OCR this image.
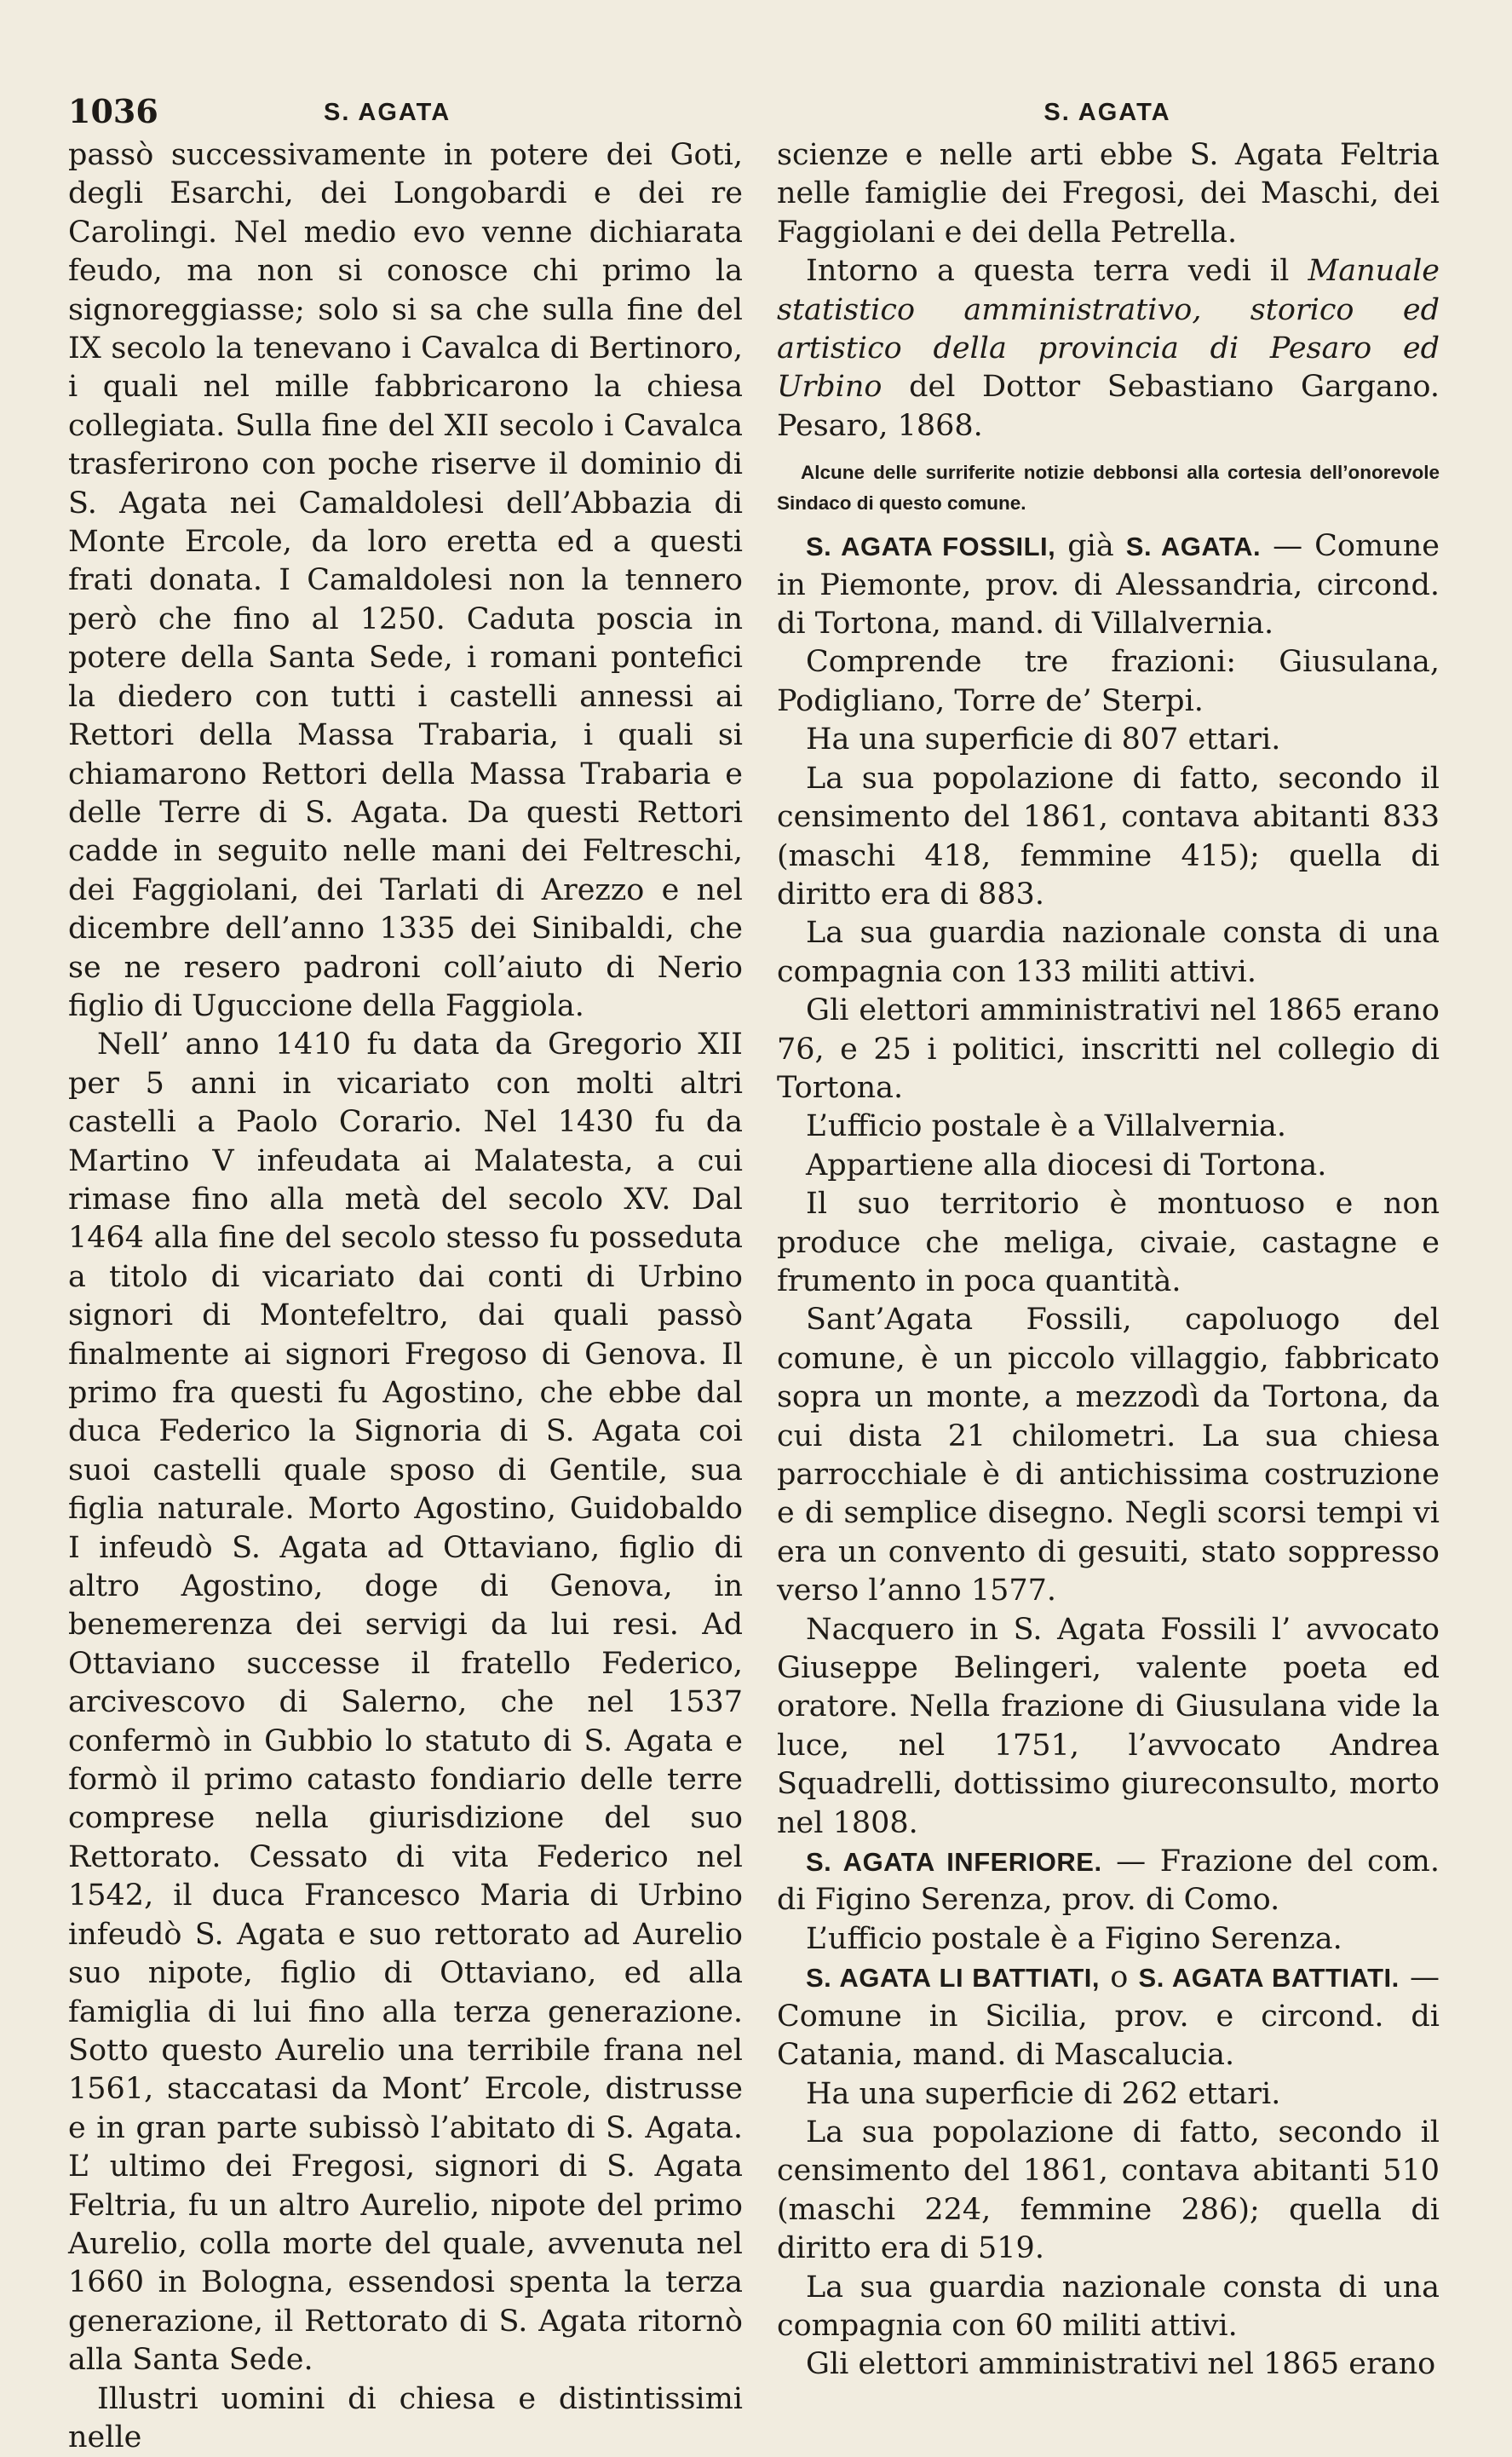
1036	S. AGATA	S. AGATA

passò successivamente in potere dei Goti, degli Esarchi, dei Longobardi e dei re Carolingi. Nel medio evo venne dichiarata feudo, ma non si conosce chi primo la signoreggiasse; solo si sa che sulla fine del IX secolo la tenevano i Cavalca di Bertinoro, i quali nel mille fabbricarono la chiesa collegiata. Sulla fine del XII secolo i Cavalca trasferirono con poche riserve il dominio di S. Agata nei Camaldolesi dell’Abbazia di Monte Ercole, da loro eretta ed a questi frati donata. I Camaldolesi non la tennero però che fino al 1250. Caduta poscia in potere della Santa Sede, i romani pontefici la diedero con tutti i castelli annessi ai Rettori della Massa Trabaria, i quali si chiamarono Rettori della Massa Trabaria e delle Terre di S. Agata. Da questi Rettori cadde in seguito nelle mani dei Feltreschi, dei Faggiolani, dei Tarlati di Arezzo e nel dicembre dell’anno 1335 dei Sinibaldi, che se ne resero padroni coll’aiuto di Nerio figlio di Uguccione della Faggiola.

Nell’ anno 1410 fu data da Gregorio XII per 5 anni in vicariato con molti altri castelli a Paolo Corario. Nel 1430 fu da Martino V infeudata ai Malatesta, a cui rimase fino alla metà del secolo XV. Dal 1464 alla fine del secolo stesso fu posseduta a titolo di vicariato dai conti di Urbino signori di Montefeltro, dai quali passò finalmente ai signori Fregoso di Genova. Il primo fra questi fu Agostino, che ebbe dal duca Federico la Signoria di S. Agata coi suoi castelli quale sposo di Gentile, sua figlia naturale. Morto Agostino, Guidobaldo I infeudò S. Agata ad Ottaviano, figlio di altro Agostino, doge di Genova, in benemerenza dei servigi da lui resi. Ad Ottaviano successe il fratello Federico, arcivescovo di Salerno, che nel 1537 confermò in Gubbio lo statuto di S. Agata e formò il primo catasto fondiario delle terre comprese nella giurisdizione del suo Rettorato. Cessato di vita Federico nel 1542, il duca Francesco Maria di Urbino infeudò S. Agata e suo rettorato ad Aurelio suo nipote, figlio di Ottaviano, ed alla famiglia di lui fino alla terza generazione. Sotto questo Aurelio una terribile frana nel 1561, staccatasi da Mont’ Ercole, distrusse e in gran parte subissò l’abitato di S. Agata. L’ ultimo dei Fregosi, signori di S. Agata Feltria, fu un altro Aurelio, nipote del primo Aurelio, colla morte del quale, avvenuta nel 1660 in Bologna, essendosi spenta la terza generazione, il Rettorato di S. Agata ritornò alla Santa Sede.

Illustri uomini di chiesa e distintissimi nelle

scienze e nelle arti ebbe S. Agata Feltria nelle famiglie dei Fregosi, dei Maschi, dei Faggiolani e dei della Petrella.

Intorno a questa terra vedi il Manuale statistico amministrativo, storico ed artistico della provincia di Pesaro ed Urbino del Dottor Sebastiano Gargano. Pesaro, 1868.

Alcune delle surriferite notizie debbonsi alla cortesia dell’onorevole Sindaco di questo comune.

S. AGATA FOSSILI, già S. AGATA. — Comune in Piemonte, prov. di Alessandria, circond. di Tortona, mand. di Villalvernia.

Comprende tre frazioni: Giusulana, Podigliano, Torre de’ Sterpi.

Ha una superficie di 807 ettari.

La sua popolazione di fatto, secondo il censimento del 1861, contava abitanti 833 (maschi 418, femmine 415); quella di diritto era di 883.

La sua guardia nazionale consta di una compagnia con 133 militi attivi.

Gli elettori amministrativi nel 1865 erano 76, e 25 i politici, inscritti nel collegio di Tortona.

L’ufficio postale è a Villalvernia.

Appartiene alla diocesi di Tortona.

Il suo territorio è montuoso e non produce che meliga, civaie, castagne e frumento in poca quantità.

Sant’Agata Fossili, capoluogo del comune, è un piccolo villaggio, fabbricato sopra un monte, a mezzodì da Tortona, da cui dista 21 chilometri. La sua chiesa parrocchiale è di antichissima costruzione e di semplice disegno. Negli scorsi tempi vi era un convento di gesuiti, stato soppresso verso l’anno 1577.

Nacquero in S. Agata Fossili l’ avvocato Giuseppe Belingeri, valente poeta ed oratore. Nella frazione di Giusulana vide la luce, nel 1751, l’avvocato Andrea Squadrelli, dottissimo giureconsulto, morto nel 1808.

S. AGATA INFERIORE. — Frazione del com. di Figino Serenza, prov. di Como.

L’ufficio postale è a Figino Serenza.

S. AGATA LI BATTIATI, o S. AGATA BATTIATI. — Comune in Sicilia, prov. e circond. di Catania, mand. di Mascalucia.

Ha una superficie di 262 ettari.

La sua popolazione di fatto, secondo il censimento del 1861, contava abitanti 510 (maschi 224, femmine 286); quella di diritto era di 519.

La sua guardia nazionale consta di una compagnia con 60 militi attivi.

Gli elettori amministrativi nel 1865 erano
